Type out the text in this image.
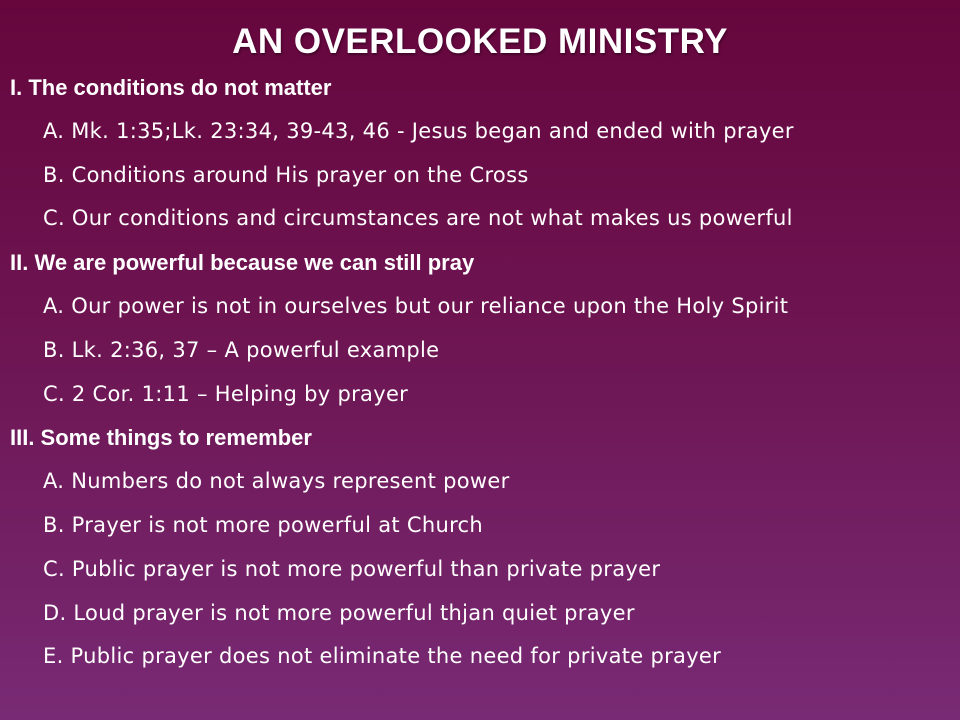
AN OVERLOOKED MINISTRY
I. The conditions do not matter
A. Mk. 1:35;Lk. 23:34, 39-43, 46 - Jesus began and ended with prayer
B. Conditions around His prayer on the Cross
C. Our conditions and circumstances are not what makes us powerful
II. We are powerful because we can still pray
A. Our power is not in ourselves but our reliance upon the Holy Spirit
B. Lk. 2:36, 37 – A powerful example
C. 2 Cor. 1:11 – Helping by prayer
III. Some things to remember
A. Numbers do not always represent power
B. Prayer is not more powerful at Church
C. Public prayer is not more powerful than private prayer
D. Loud prayer is not more powerful thjan quiet prayer
E. Public prayer does not eliminate the need for private prayer
